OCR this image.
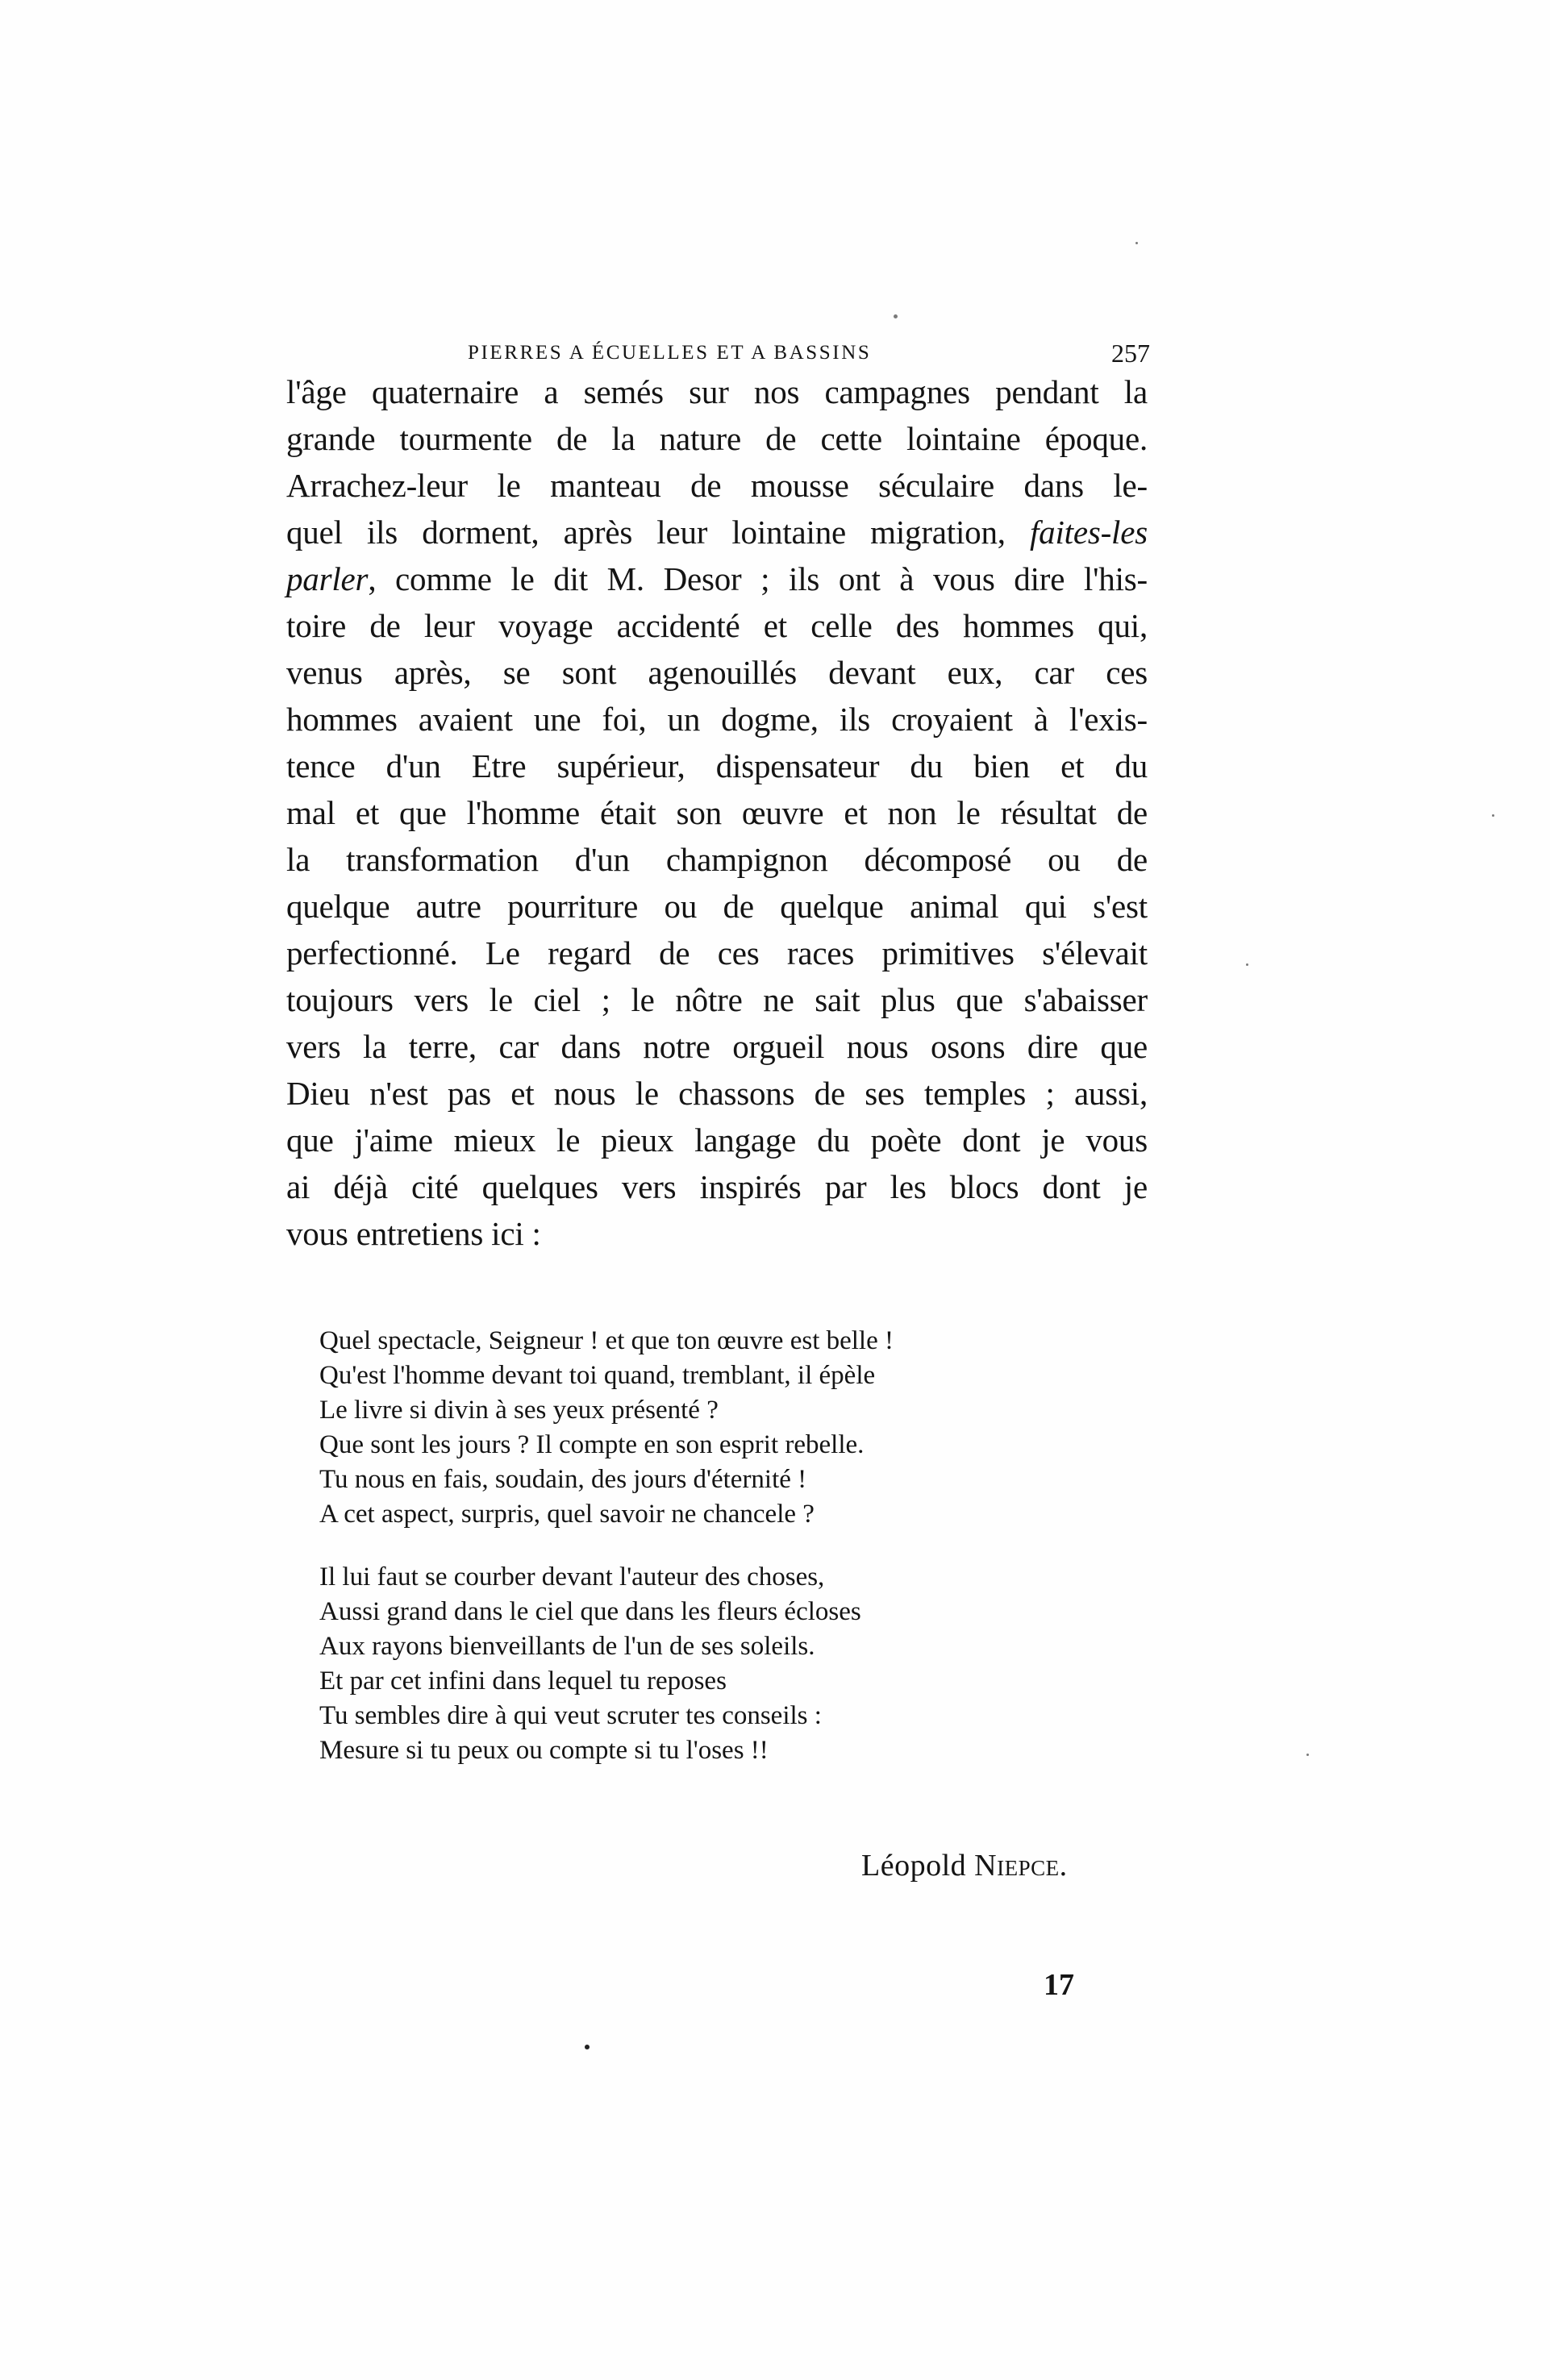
PIERRES A ÉCUELLES ET A BASSINS	257
l'âge quaternaire a semés sur nos campagnes pendant la
grande tourmente de la nature de cette lointaine époque.
Arrachez-leur le manteau de mousse séculaire dans le-
quel ils dorment, après leur lointaine migration, faites-les
parler, comme le dit M. Desor ; ils ont à vous dire l'his-
toire de leur voyage accidenté et celle des hommes qui,
venus après, se sont agenouillés devant eux, car ces
hommes avaient une foi, un dogme, ils croyaient à l'exis-
tence d'un Etre supérieur, dispensateur du bien et du
mal et que l'homme était son œuvre et non le résultat de
la transformation d'un champignon décomposé ou de
quelque autre pourriture ou de quelque animal qui s'est
perfectionné. Le regard de ces races primitives s'élevait
toujours vers le ciel ; le nôtre ne sait plus que s'abaisser
vers la terre, car dans notre orgueil nous osons dire que
Dieu n'est pas et nous le chassons de ses temples ; aussi,
que j'aime mieux le pieux langage du poète dont je vous
ai déjà cité quelques vers inspirés par les blocs dont je
vous entretiens ici :
Quel spectacle, Seigneur ! et que ton œuvre est belle !
Qu'est l'homme devant toi quand, tremblant, il épèle
Le livre si divin à ses yeux présenté ?
Que sont les jours ? Il compte en son esprit rebelle.
Tu nous en fais, soudain, des jours d'éternité !
A cet aspect, surpris, quel savoir ne chancele ?
Il lui faut se courber devant l'auteur des choses,
Aussi grand dans le ciel que dans les fleurs écloses
Aux rayons bienveillants de l'un de ses soleils.
Et par cet infini dans lequel tu reposes
Tu sembles dire à qui veut scruter tes conseils :
Mesure si tu peux ou compte si tu l'oses !!
Léopold Niepce.
17
